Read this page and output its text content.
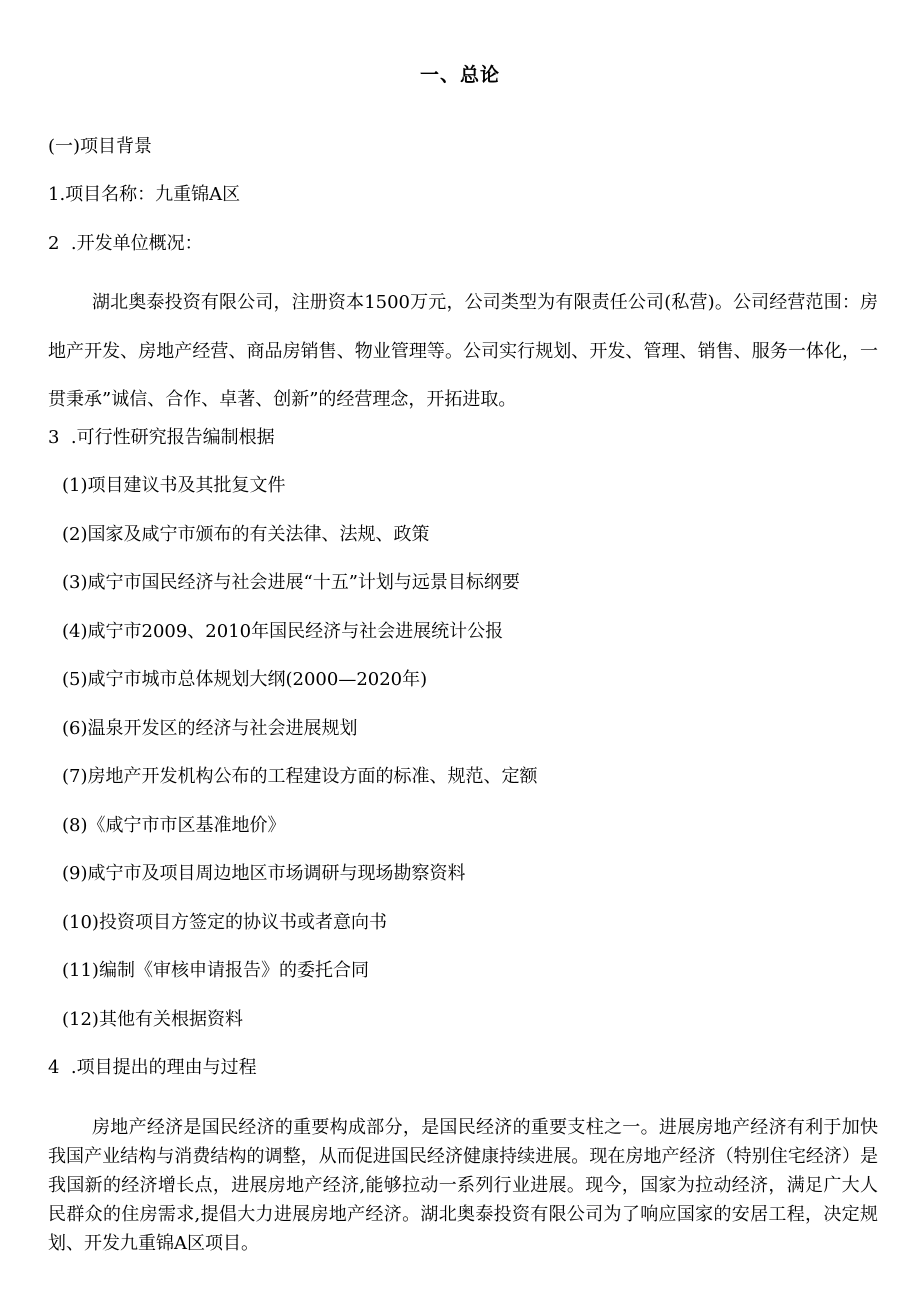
一、总论

(一)项目背景

1.项目名称：九重锦A区

2  .开发单位概况：

湖北奥泰投资有限公司，注册资本1500万元，公司类型为有限责任公司(私营)。公司经营范围：房地产开发、房地产经营、商品房销售、物业管理等。公司实行规划、开发、管理、销售、服务一体化，一贯秉承”诚信、合作、卓著、创新”的经营理念，开拓进取。

3  .可行性研究报告编制根据

(1)项目建议书及其批复文件

(2)国家及咸宁市颁布的有关法律、法规、政策

(3)咸宁市国民经济与社会进展“十五”计划与远景目标纲要

(4)咸宁市2009、2010年国民经济与社会进展统计公报

(5)咸宁市城市总体规划大纲(2000—2020年)

(6)温泉开发区的经济与社会进展规划

(7)房地产开发机构公布的工程建设方面的标准、规范、定额

(8)《咸宁市市区基准地价》

(9)咸宁市及项目周边地区市场调研与现场勘察资料

(10)投资项目方签定的协议书或者意向书

(11)编制《审核申请报告》的委托合同

(12)其他有关根据资料

4  .项目提出的理由与过程

房地产经济是国民经济的重要构成部分，是国民经济的重要支柱之一。进展房地产经济有利于加快我国产业结构与消费结构的调整，从而促进国民经济健康持续进展。现在房地产经济（特别住宅经济）是我国新的经济增长点，进展房地产经济,能够拉动一系列行业进展。现今，国家为拉动经济，满足广大人民群众的住房需求,提倡大力进展房地产经济。湖北奥泰投资有限公司为了响应国家的安居工程，决定规划、开发九重锦A区项目。
